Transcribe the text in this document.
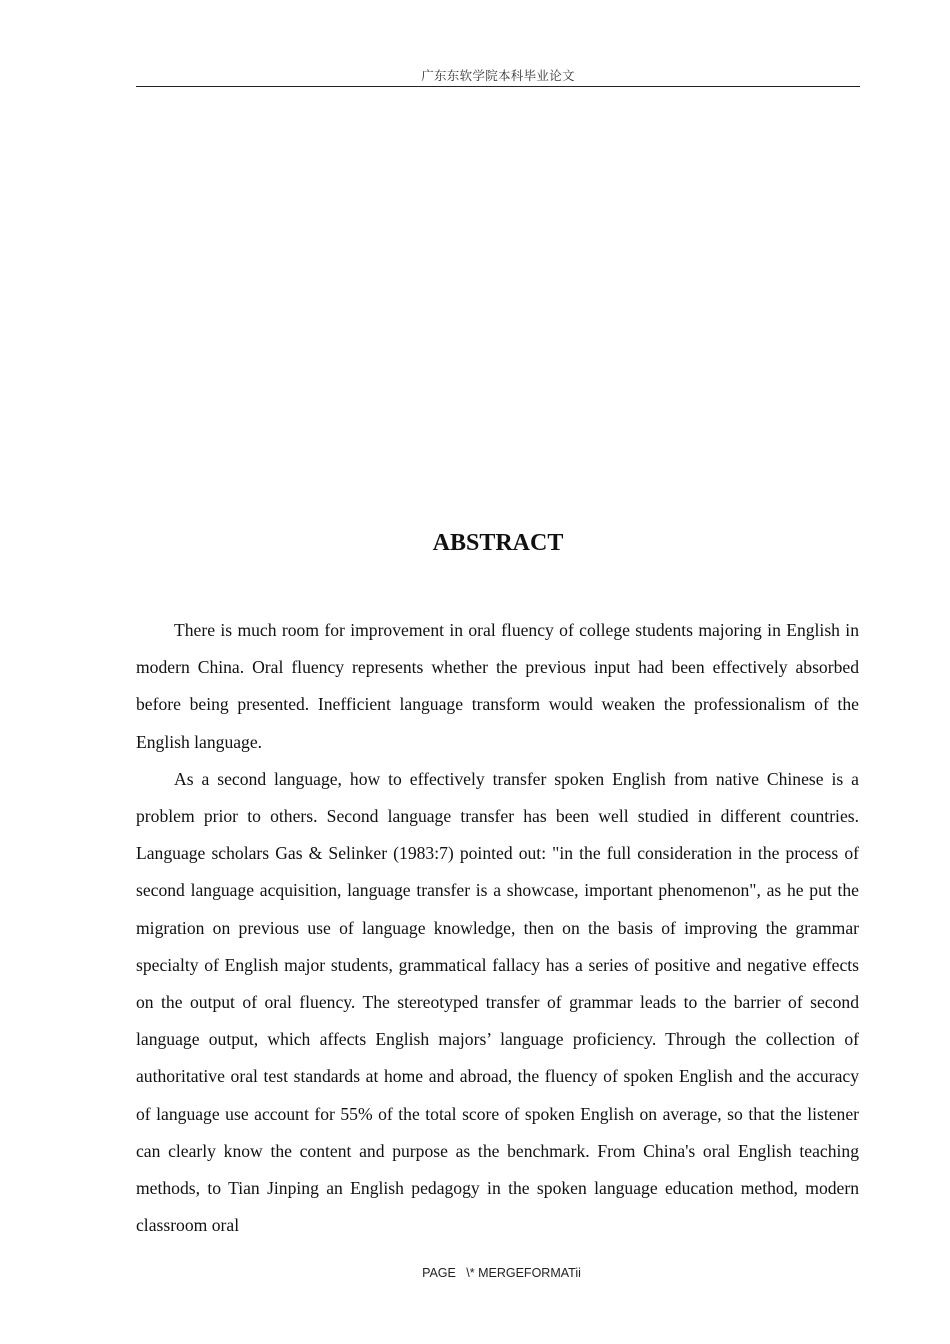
广东东软学院本科毕业论文
ABSTRACT

There is much room for improvement in oral fluency of college students majoring in English in modern China. Oral fluency represents whether the previous input had been effectively absorbed before being presented. Inefficient language transform would weaken the professionalism of the English language.

As a second language, how to effectively transfer spoken English from native Chinese is a problem prior to others. Second language transfer has been well studied in different countries. Language scholars Gas & Selinker (1983:7) pointed out: "in the full consideration in the process of second language acquisition, language transfer is a showcase, important phenomenon", as he put the migration on previous use of language knowledge, then on the basis of improving the grammar specialty of English major students, grammatical fallacy has a series of positive and negative effects on the output of oral fluency. The stereotyped transfer of grammar leads to the barrier of second language output, which affects English majors’ language proficiency. Through the collection of authoritative oral test standards at home and abroad, the fluency of spoken English and the accuracy of language use account for 55% of the total score of spoken English on average, so that the listener can clearly know the content and purpose as the benchmark. From China's oral English teaching methods, to Tian Jinping an English pedagogy in the spoken language education method, modern classroom oral

PAGE   \* MERGEFORMATii
